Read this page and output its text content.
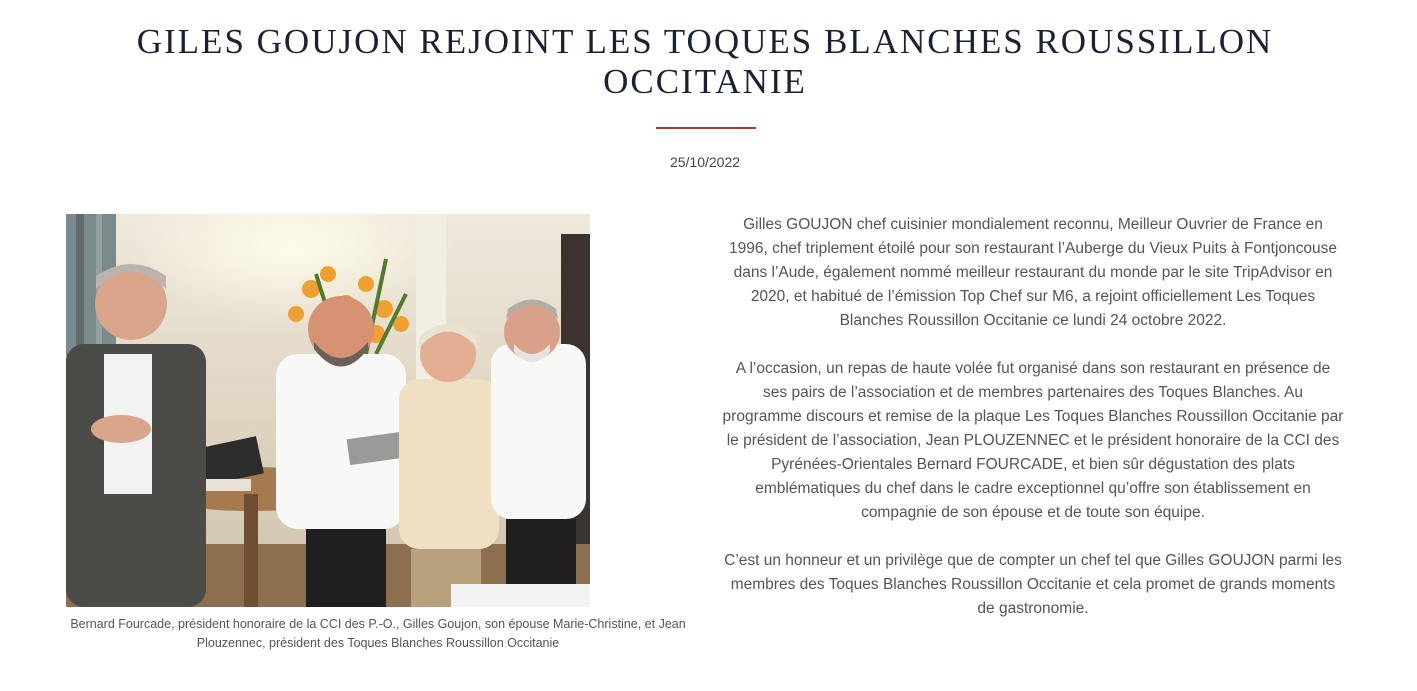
GILES GOUJON REJOINT LES TOQUES BLANCHES ROUSSILLON OCCITANIE
25/10/2022

Bernard Fourcade, président honoraire de la CCI des P.-O., Gilles Goujon, son épouse Marie-Christine, et Jean Plouzennec, président des Toques Blanches Roussillon Occitanie

Gilles GOUJON chef cuisinier mondialement reconnu, Meilleur Ouvrier de France en 1996, chef triplement étoilé pour son restaurant l’Auberge du Vieux Puits à Fontjoncouse dans l’Aude, également nommé meilleur restaurant du monde par le site TripAdvisor en 2020, et habitué de l’émission Top Chef sur M6, a rejoint officiellement Les Toques Blanches Roussillon Occitanie ce lundi 24 octobre 2022.

A l’occasion, un repas de haute volée fut organisé dans son restaurant en présence de ses pairs de l’association et de membres partenaires des Toques Blanches. Au programme discours et remise de la plaque Les Toques Blanches Roussillon Occitanie par le président de l’association, Jean PLOUZENNEC et le président honoraire de la CCI des Pyrénées-Orientales Bernard FOURCADE, et bien sûr dégustation des plats emblématiques du chef dans le cadre exceptionnel qu’offre son établissement en compagnie de son épouse et de toute son équipe.

C’est un honneur et un privilège que de compter un chef tel que Gilles GOUJON parmi les membres des Toques Blanches Roussillon Occitanie et cela promet de grands moments de gastronomie.
